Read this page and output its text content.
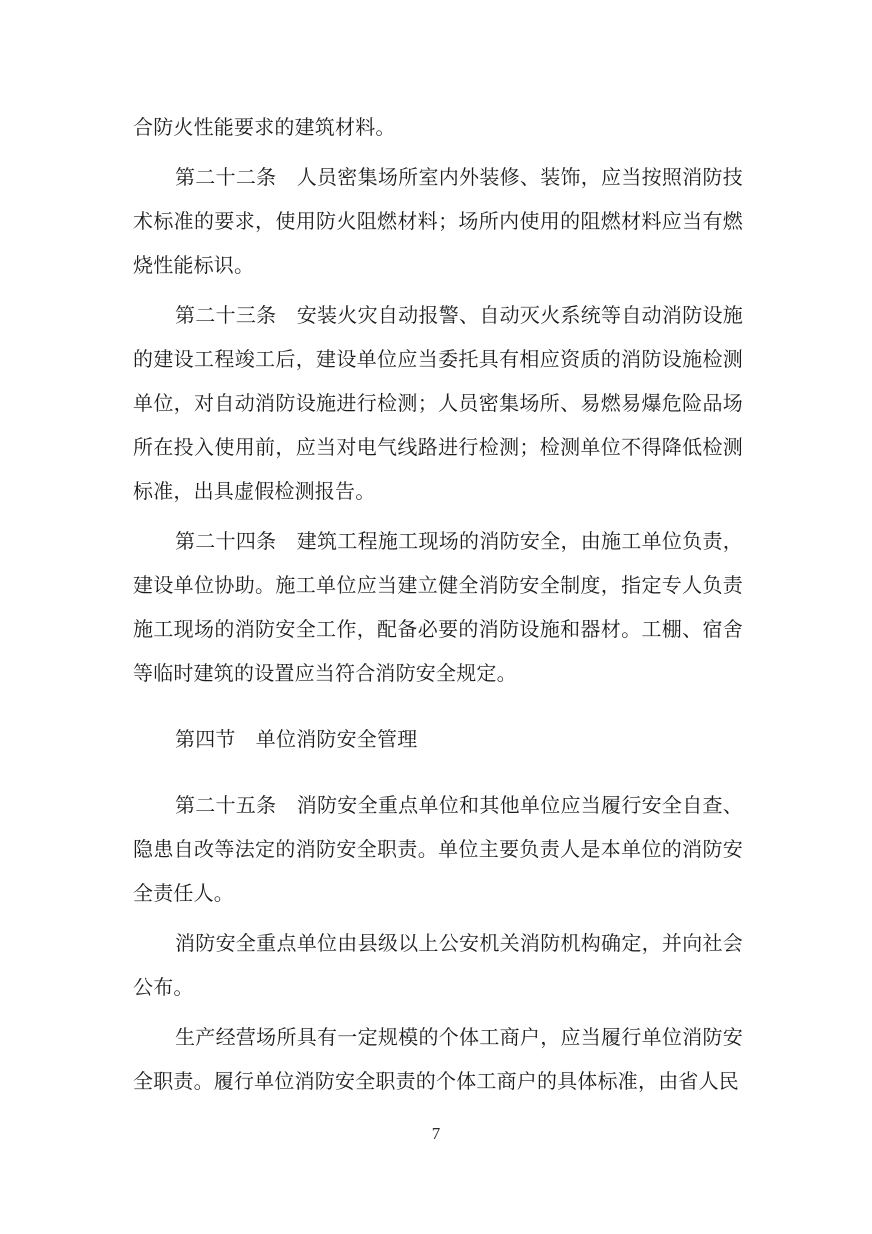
合防火性能要求的建筑材料。

第二十二条　人员密集场所室内外装修、装饰，应当按照消防技术标准的要求，使用防火阻燃材料；场所内使用的阻燃材料应当有燃烧性能标识。

第二十三条　安装火灾自动报警、自动灭火系统等自动消防设施的建设工程竣工后，建设单位应当委托具有相应资质的消防设施检测单位，对自动消防设施进行检测；人员密集场所、易燃易爆危险品场所在投入使用前，应当对电气线路进行检测；检测单位不得降低检测标准，出具虚假检测报告。

第二十四条　建筑工程施工现场的消防安全，由施工单位负责，建设单位协助。施工单位应当建立健全消防安全制度，指定专人负责施工现场的消防安全工作，配备必要的消防设施和器材。工棚、宿舍等临时建筑的设置应当符合消防安全规定。

第四节　单位消防安全管理

第二十五条　消防安全重点单位和其他单位应当履行安全自查、隐患自改等法定的消防安全职责。单位主要负责人是本单位的消防安全责任人。

消防安全重点单位由县级以上公安机关消防机构确定，并向社会公布。

生产经营场所具有一定规模的个体工商户，应当履行单位消防安全职责。履行单位消防安全职责的个体工商户的具体标准，由省人民

7
